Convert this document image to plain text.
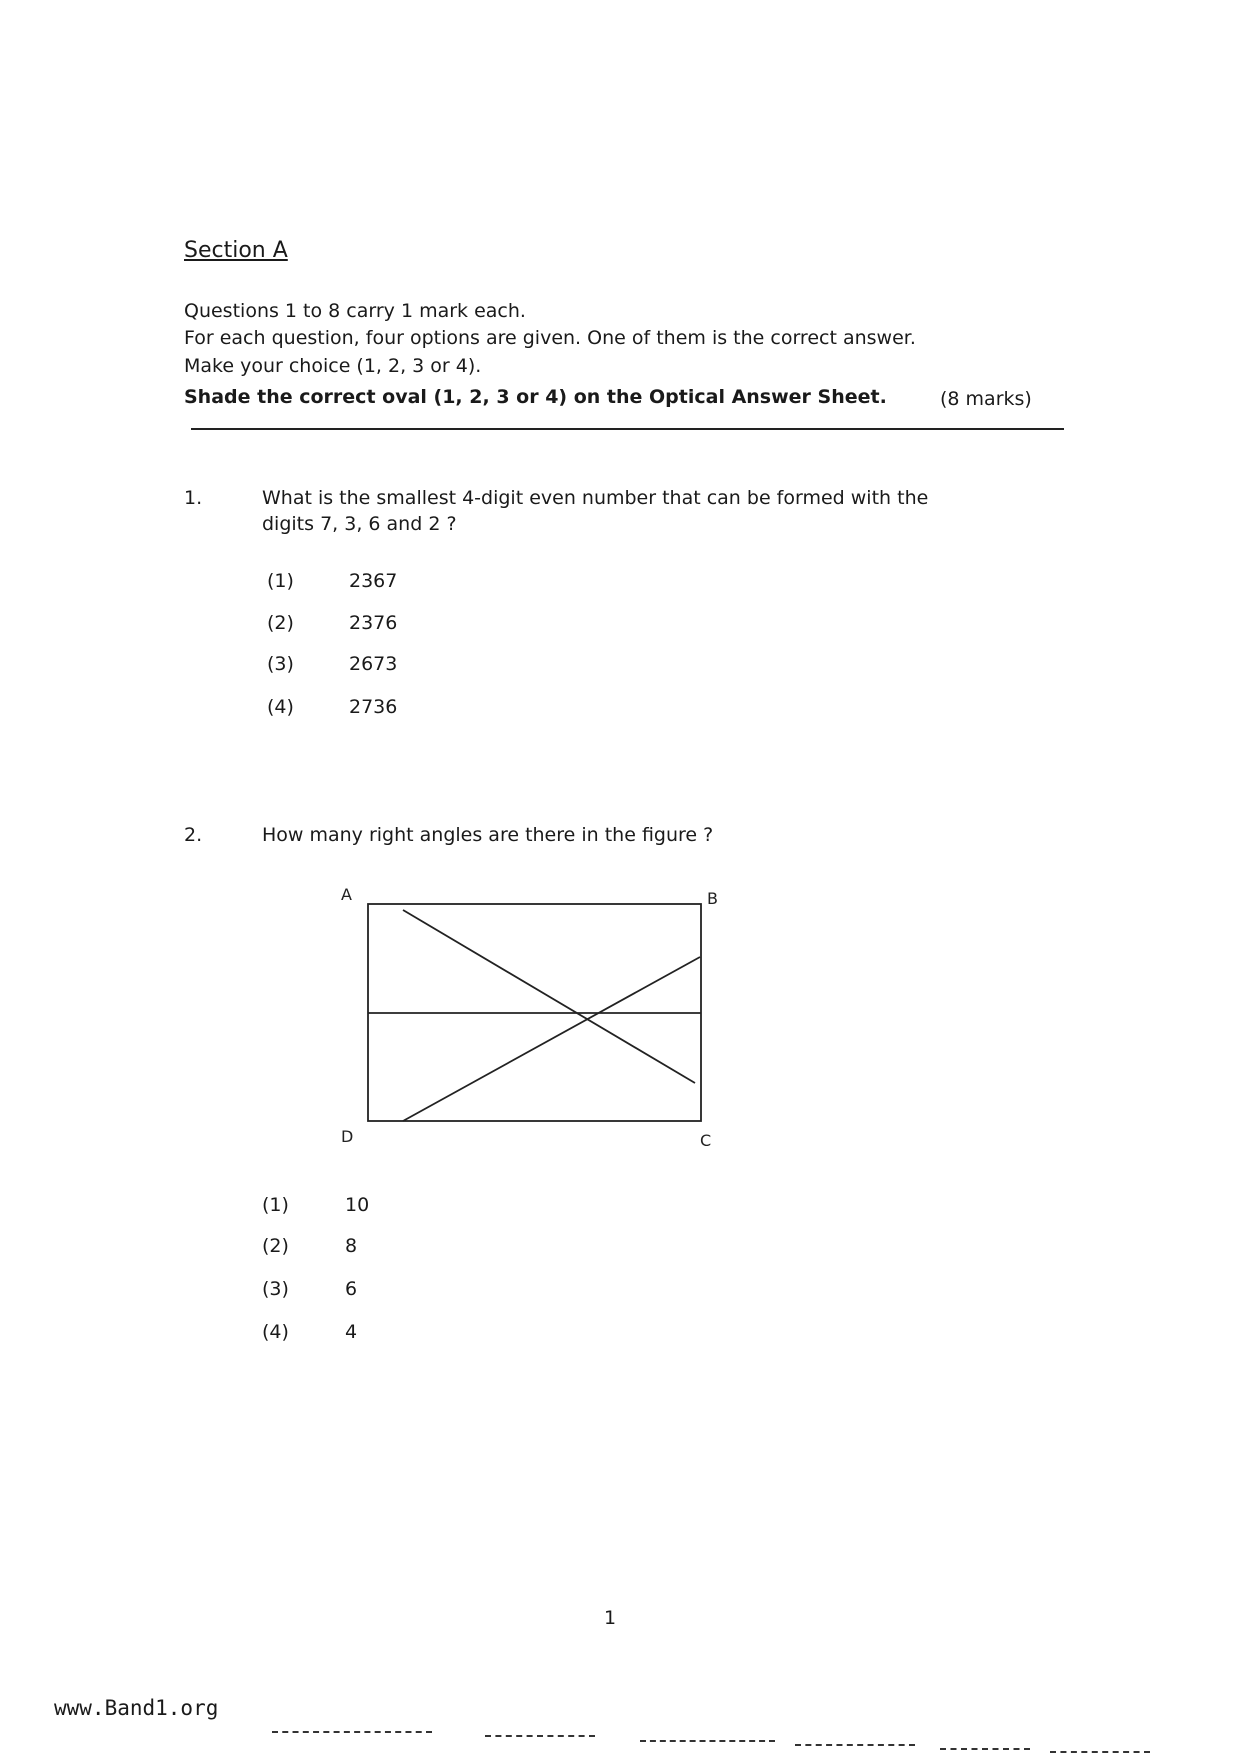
Section A
Questions 1 to 8 carry 1 mark each.
For each question, four options are given. One of them is the correct answer.
Make your choice (1, 2, 3 or 4).
Shade the correct oval (1, 2, 3 or 4) on the Optical Answer Sheet.	(8 marks)
1.	What is the smallest 4-digit even number that can be formed with the
digits 7, 3, 6 and 2 ?
(1)	2367
(2)	2376
(3)	2673
(4)	2736
2.	How many right angles are there in the figure ?
A	B
C
D
(1)	10
(2)	8
(3)	6
(4)	4
1
www.Band1.org
